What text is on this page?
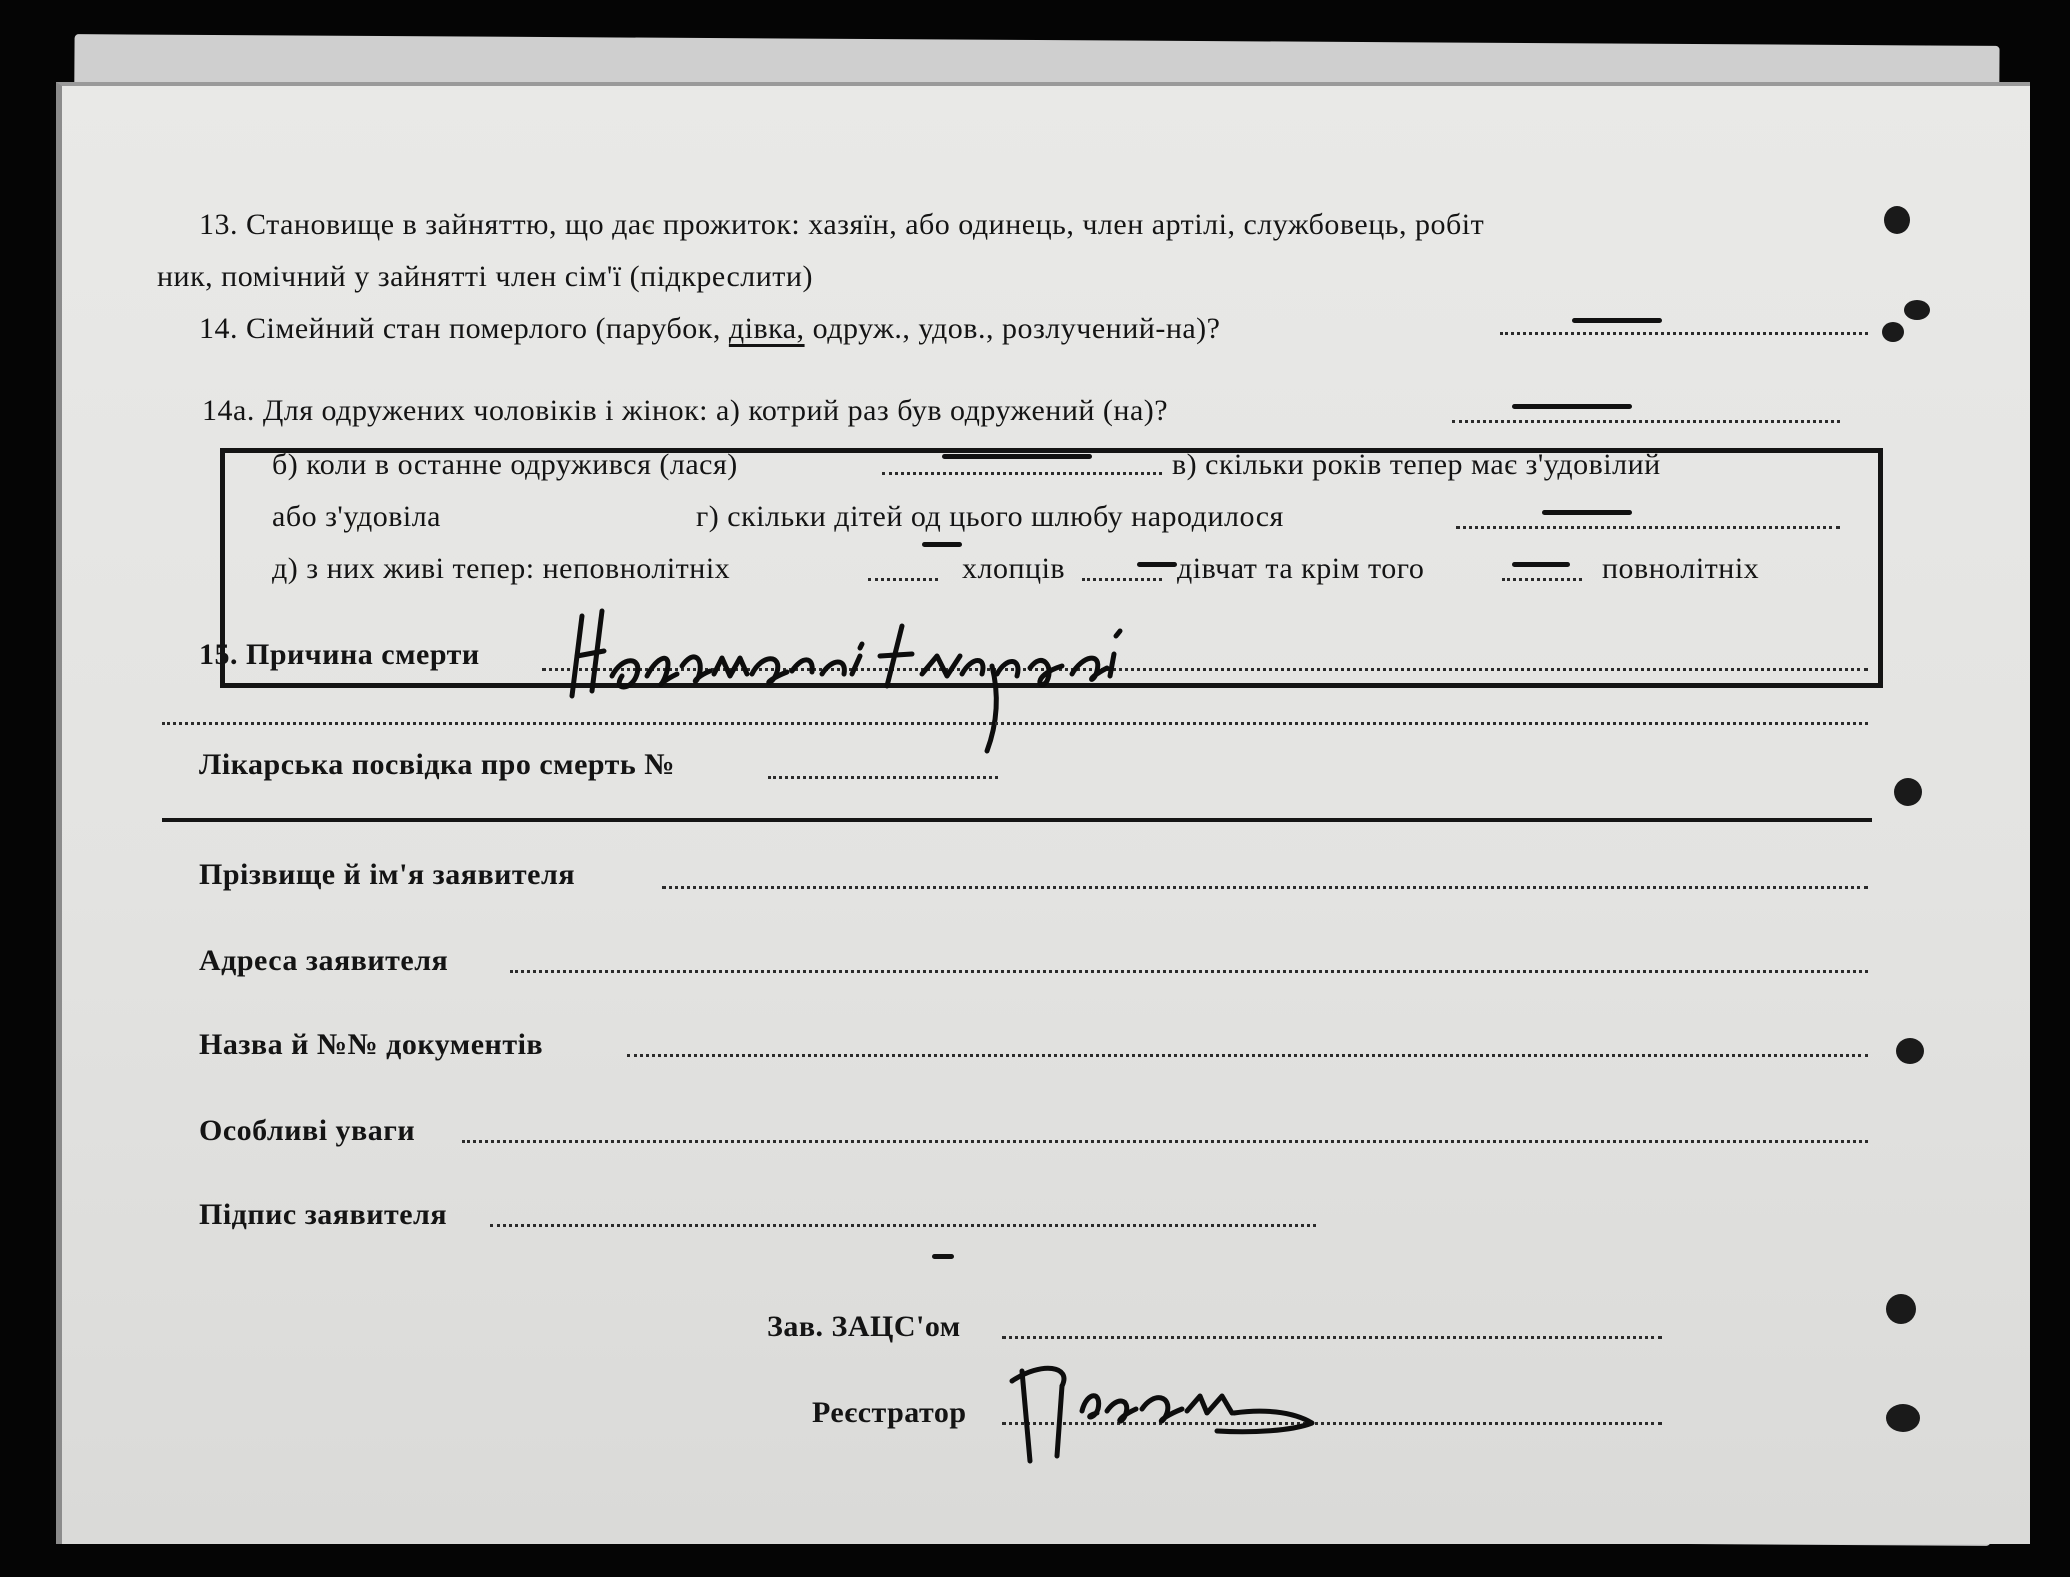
13. Становище в зайняттю, що дає прожиток: хазяїн, або одинець, член артілі, службовець, робіт
ник, помічний у зайнятті член сім'ї (підкреслити)
14. Сімейний стан померлого (парубок, дівка, одруж., удов., розлучений-на)?
14а. Для одружених чоловіків і жінок: а) котрий раз був одружений (на)?
б) коли в останне одружився (лася)	в) скільки років тепер має з'удовілий
або з'удовіла	г) скільки дітей од цього шлюбу народилося
д) з них живі тепер: неповнолітніх	хлопців	дівчат та крім того	повнолітніх
15. Причина смерти
Лікарська посвідка про смерть №
Прізвище й ім'я заявителя
Адреса заявителя
Назва й №№ документів
Особливі уваги
Підпис заявителя
Зав. ЗАЦС'ом
Реєстратор
